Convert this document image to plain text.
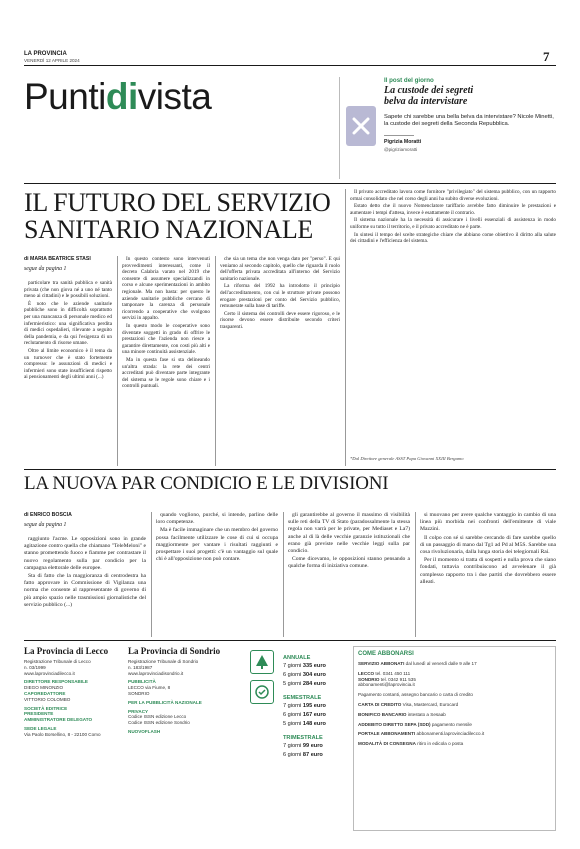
LA PROVINCIA
VENERDÌ 12 APRILE 2024	7
Puntidivista	Il post del giorno
La custode dei segreti
belva da intervistare
Sapete chi sarebbe una bella belva da intervistare? Nicole Minetti, la custode dei segreti della Seconda Repubblica.
Pigrizia Moratti
@pigriziamoratti
IL FUTURO DEL SERVIZIO
SANITARIO NAZIONALE
di MARIA BEATRICE STASI
segue da pagina 1

particolare tra sanità pubblica e sanità privata (che non giova né a uno né tanto meno ai cittadini) e le possibili soluzioni.

È noto che le aziende sanitarie pubbliche sono in difficoltà soprattutto per una mancanza di personale medico ed infermieristico: una significativa perdita di medici ospedalieri, rilevante a seguito della pandemia, e da qui l'esigenza di un reclutamento di risorse umane.

Oltre al limite economico è il tema da un turnover che è stato fortemente compresso: le assunzioni di medici e infermieri sono state insufficienti rispetto ai pensionamenti degli ultimi anni (...)

In questo contesto sono intervenuti provvedimenti interessanti, come il decreto Calabria varato nel 2019 che consente di assumere specializzandi in corso e alcune sperimentazioni in ambito regionale. Ma non basta: per questo le aziende sanitarie pubbliche cercano di tamponare la carenza di personale ricorrendo a cooperative che svolgono servizi in appalto.

In questo modo le cooperative sono diventate soggetti in grado di offrire le prestazioni che l'azienda non riesce a garantire direttamente, con costi più alti e una minore continuità assistenziale.

Ma in questa fase si sta delineando un'altra strada: la rete dei centri accreditati può diventare parte integrante del sistema se le regole sono chiare e i controlli puntuali.

che sia un tema che non venga dato per "perso". E qui veniamo al secondo capitolo, quello che riguarda il ruolo dell'offerta privata accreditata all'interno del Servizio sanitario nazionale.

La riforma del 1992 ha introdotto il principio dell'accreditamento, con cui le strutture private possono erogare prestazioni per conto del Servizio pubblico, remunerate sulla base di tariffe.

Certo il sistema dei controlli deve essere rigoroso, e le risorse devono essere distribuite secondo criteri trasparenti.

Il privato accreditato lavora come fornitore "privilegiato" del sistema pubblico, con un rapporto ormai consolidato che nel corso degli anni ha subito diverse evoluzioni.

Estato detto che il nuovo Nomenclatore tariffario avrebbe fatto diminuire le prestazioni e aumentare i tempi d'attesa, invece è esattamente il contrario.

Il sistema nazionale ha la necessità di assicurare i livelli essenziali di assistenza in modo uniforme su tutto il territorio, e il privato accreditato ne è parte.

In sintesi il tempo del scelte strategiche chiare che abbiano come obiettivo il diritto alla salute dei cittadini e l'efficienza del sistema.

*Dal Direttore generale ASST Papa Giovanni XXIII Bergamo
LA NUOVA PAR CONDICIO E LE DIVISIONI
di ENRICO BOSCIA
segue da pagina 1

raggiunto l'acme. Le opposizioni sono in grande agitazione contro quella che chiamano "TeleMeloni" e stanno promettendo fuoco e fiamme per contrastare il nuovo regolamento sulla par condicio per la campagna elettorale delle europee.

Sta di fatto che la maggioranza di centrodestra ha fatto approvare in Commissione di Vigilanza una norma che consente al rappresentante di governo di più ampio spazio nelle trasmissioni giornalistiche del servizio pubblico (...)

quando vogliono, purché, si intende, parlino delle loro competenze.

Ma è facile immaginare che un membro del governo possa facilmente utilizzare le cose di cui si occupa maggiormente per vantare i risultati raggiunti e prospettare i suoi progetti: c'è un vantaggio sul quale chi è all'opposizione non può contare.

gli garantirebbe al governo il massimo di visibilità sulle reti della TV di Stato (paradossalmente la stessa regola non varrà per le private, per Mediaset e La7) anche al di là delle vecchie garanzie istituzionali che erano già previste nelle vecchie leggi sulla par condicio.

Come dicevamo, le opposizioni stanno pensando a qualche forma di iniziativa comune.

si muovano per avere qualche vantaggio in cambio di una linea più morbida nei confronti dell'emittente di viale Mazzini.

Il colpo con sé si sarebbe cercando di fare sarebbe quello di un passaggio di mano dal Tg1 ad Pd al M5S. Sarebbe una cosa rivoluzionaria, dalla lunga storia dei telegiornali Rai.

Per il momento si tratta di sospetti e nulla prova che siano fondati, tuttavia contribuiscono ad avvelenare il già complesso rapporto tra i due partiti che dovrebbero essere alleati.

La Provincia di Lecco
Registrazione Tribunale di Lecco
n. 03/1999
www.laprovinciadilecco.it
DIRETTORE RESPONSABILE
DIEGO MINONZIO
CAPOREDATTORE
VITTORIO COLOMBO
SOCIETÀ EDITRICE
PRESIDENTE
AMMINISTRATORE DELEGATO
SEDE LEGALE
Via Paolo Borsellino, 8 - 22100 Como
La Provincia di Sondrio
Registrazione Tribunale di Sondrio
n. 183/1987
www.laprovinciadisondrio.it
PUBBLICITÀ
LECCO via Fiume, 8
SONDRIO
PER LA PUBBLICITÀ NAZIONALE
PRIVACY
Codice ISSN edizione Lecco
Codice ISSN edizione Sondrio
NUOVOFLASH
ANNUALE
7 giorni 335 euro
6 giorni 304 euro
5 giorni 284 euro
SEMESTRALE
7 giorni 195 euro
6 giorni 167 euro
5 giorni 148 euro
TRIMESTRALE
7 giorni 99 euro
6 giorni 87 euro
COME ABBONARSI
SERVIZIO ABBONATI dal lunedì al venerdì dalle 9 alle 17
LECCO tel. 0341 450 111
SONDRIO tel. 0342 911 535
abbonamenti@laprovincia.it
Pagamento contanti, assegno bancario o carta di credito
CARTA DI CREDITO Visa, Mastercard, Eurocard
BONIFICO BANCARIO intestato a Sesaab
ADDEBITO DIRETTO SEPA (SDD) pagamento mensile
PORTALE ABBONAMENTI abbonamenti.laprovinciadilecco.it
MODALITÀ DI CONSEGNA ritiro in edicola o posta
